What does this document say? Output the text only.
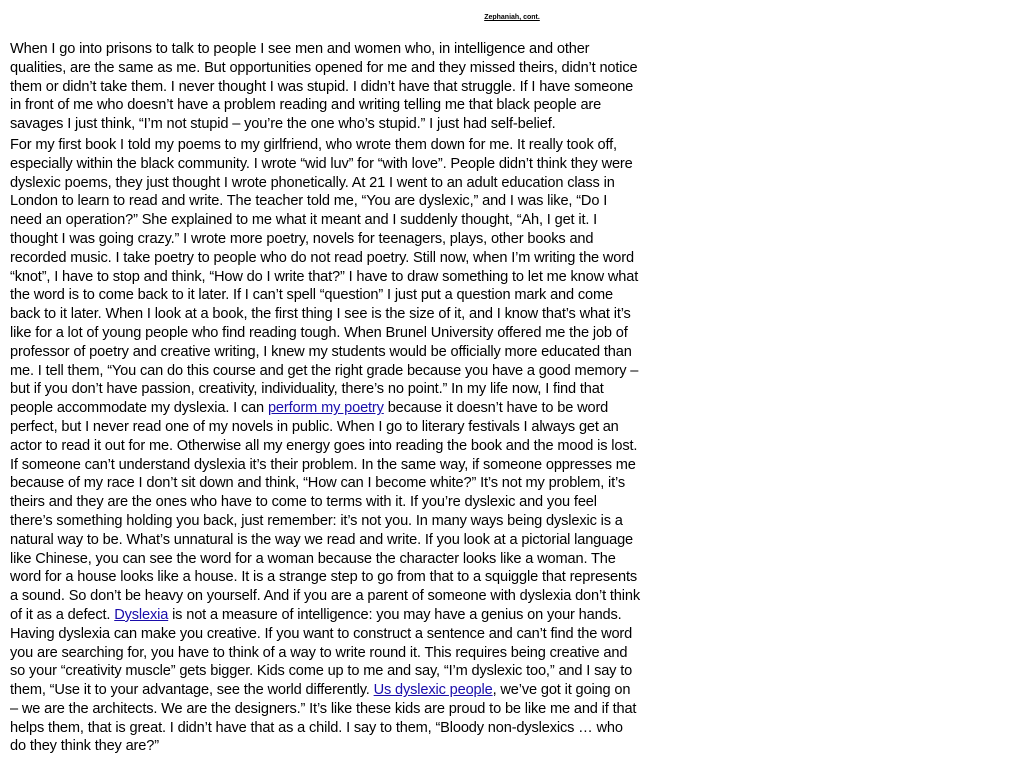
Zephaniah, cont.

When I go into prisons to talk to people I see men and women who, in intelligence and other qualities, are the same as me. But opportunities opened for me and they missed theirs, didn’t notice them or didn’t take them. I never thought I was stupid. I didn’t have that struggle. If I have someone in front of me who doesn’t have a problem reading and writing telling me that black people are savages I just think, “I’m not stupid – you’re the one who’s stupid.” I just had self-belief.

For my first book I told my poems to my girlfriend, who wrote them down for me. It really took off, especially within the black community. I wrote “wid luv” for “with love”. People didn’t think they were dyslexic poems, they just thought I wrote phonetically. At 21 I went to an adult education class in London to learn to read and write. The teacher told me, “You are dyslexic,” and I was like, “Do I need an operation?” She explained to me what it meant and I suddenly thought, “Ah, I get it. I thought I was going crazy.” I wrote more poetry, novels for teenagers, plays, other books and recorded music. I take poetry to people who do not read poetry. Still now, when I’m writing the word “knot”, I have to stop and think, “How do I write that?” I have to draw something to let me know what the word is to come back to it later. If I can’t spell “question” I just put a question mark and come back to it later. When I look at a book, the first thing I see is the size of it, and I know that’s what it’s like for a lot of young people who find reading tough. When Brunel University offered me the job of professor of poetry and creative writing, I knew my students would be officially more educated than me. I tell them, “You can do this course and get the right grade because you have a good memory – but if you don’t have passion, creativity, individuality, there’s no point.” In my life now, I find that people accommodate my dyslexia. I can perform my poetry because it doesn’t have to be word perfect, but I never read one of my novels in public. When I go to literary festivals I always get an actor to read it out for me. Otherwise all my energy goes into reading the book and the mood is lost. If someone can’t understand dyslexia it’s their problem. In the same way, if someone oppresses me because of my race I don’t sit down and think, “How can I become white?” It’s not my problem, it’s theirs and they are the ones who have to come to terms with it. If you’re dyslexic and you feel there’s something holding you back, just remember: it’s not you. In many ways being dyslexic is a natural way to be. What’s unnatural is the way we read and write. If you look at a pictorial language like Chinese, you can see the word for a woman because the character looks like a woman. The word for a house looks like a house. It is a strange step to go from that to a squiggle that represents a sound. So don’t be heavy on yourself. And if you are a parent of someone with dyslexia don’t think of it as a defect. Dyslexia is not a measure of intelligence: you may have a genius on your hands. Having dyslexia can make you creative. If you want to construct a sentence and can’t find the word you are searching for, you have to think of a way to write round it. This requires being creative and so your “creativity muscle” gets bigger. Kids come up to me and say, “I’m dyslexic too,” and I say to them, “Use it to your advantage, see the world differently. Us dyslexic people, we’ve got it going on – we are the architects. We are the designers.” It’s like these kids are proud to be like me and if that helps them, that is great. I didn’t have that as a child. I say to them, “Bloody non-dyslexics … who do they think they are?”
